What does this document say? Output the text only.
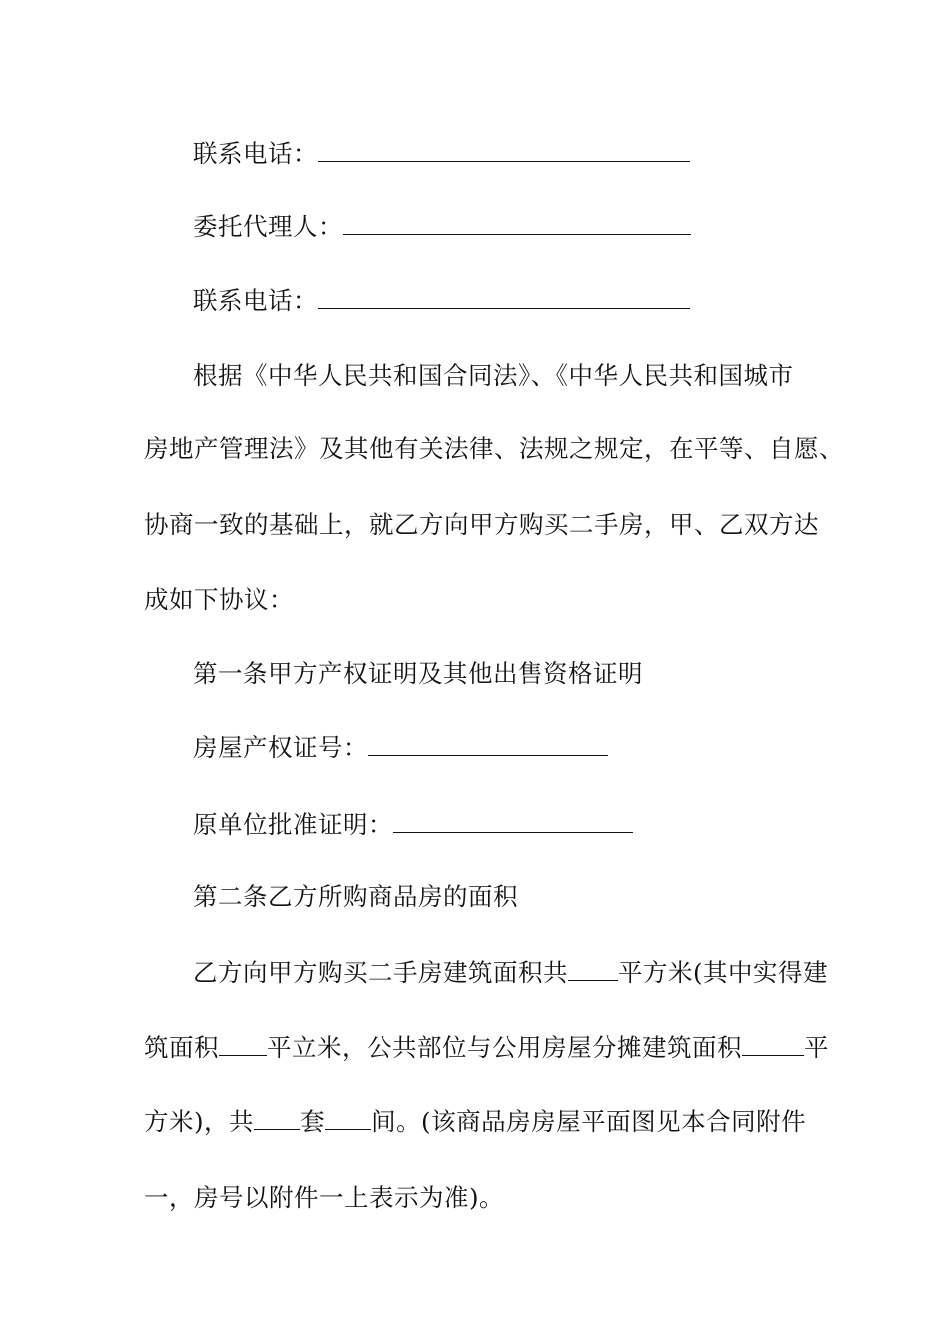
联系电话：
委托代理人：
联系电话：
根据《中华人民共和国合同法》、《中华人民共和国城市
房地产管理法》及其他有关法律、法规之规定，在平等、自愿、
协商一致的基础上，就乙方向甲方购买二手房，甲、乙双方达
成如下协议：
第一条甲方产权证明及其他出售资格证明
房屋产权证号：
原单位批准证明：
第二条乙方所购商品房的面积
乙方向甲方购买二手房建筑面积共 平方米(其中实得建
筑面积 平立米，公共部位与公用房屋分摊建筑面积	平
方米)，共 套 间。(该商品房房屋平面图见本合同附件
一，房号以附件一上表示为准)。
